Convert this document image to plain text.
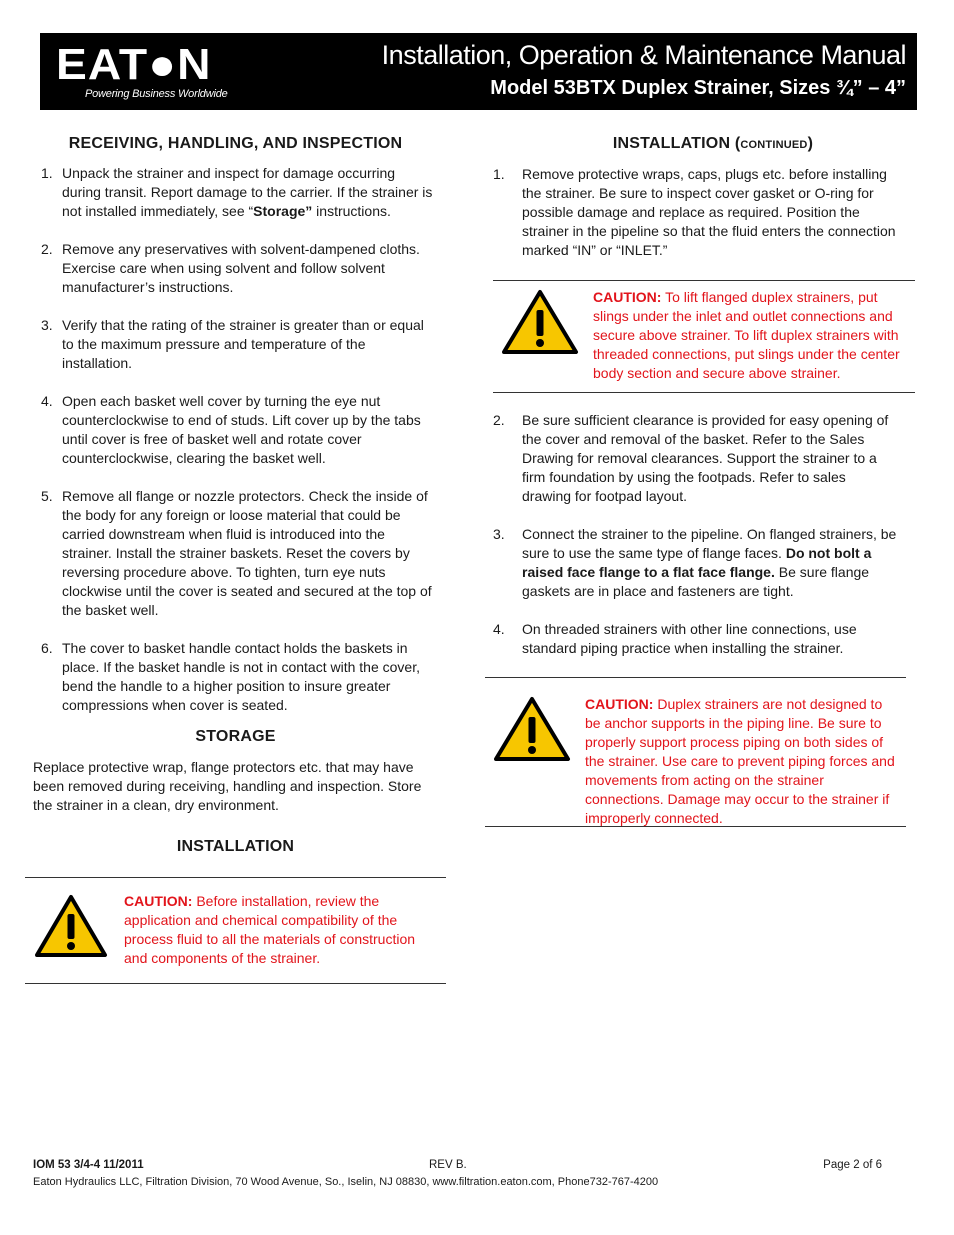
EAT●N
Powering Business Worldwide
Installation, Operation & Maintenance Manual
Model 53BTX Duplex Strainer, Sizes ¾” – 4”
RECEIVING, HANDLING, AND INSPECTION
1. Unpack the strainer and inspect for damage occurring during transit. Report damage to the carrier. If the strainer is not installed immediately, see “Storage” instructions.
2. Remove any preservatives with solvent-dampened cloths. Exercise care when using solvent and follow solvent manufacturer’s instructions.
3. Verify that the rating of the strainer is greater than or equal to the maximum pressure and temperature of the installation.
4. Open each basket well cover by turning the eye nut counterclockwise to end of studs. Lift cover up by the tabs until cover is free of basket well and rotate cover counterclockwise, clearing the basket well.
5. Remove all flange or nozzle protectors. Check the inside of the body for any foreign or loose material that could be carried downstream when fluid is introduced into the strainer. Install the strainer baskets. Reset the covers by reversing procedure above. To tighten, turn eye nuts clockwise until the cover is seated and secured at the top of the basket well.
6. The cover to basket handle contact holds the baskets in place. If the basket handle is not in contact with the cover, bend the handle to a higher position to insure greater compressions when cover is seated.
STORAGE

Replace protective wrap, flange protectors etc. that may have been removed during receiving, handling and inspection. Store the strainer in a clean, dry environment.

INSTALLATION

CAUTION: Before installation, review the application and chemical compatibility of the process fluid to all the materials of construction and components of the strainer.

INSTALLATION (CONTINUED)
1. Remove protective wraps, caps, plugs etc. before installing the strainer. Be sure to inspect cover gasket or O-ring for possible damage and replace as required. Position the strainer in the pipeline so that the fluid enters the connection marked “IN” or “INLET.”

CAUTION: To lift flanged duplex strainers, put slings under the inlet and outlet connections and secure above strainer. To lift duplex strainers with threaded connections, put slings under the center body section and secure above strainer.

2. Be sure sufficient clearance is provided for easy opening of the cover and removal of the basket. Refer to the Sales Drawing for removal clearances. Support the strainer to a firm foundation by using the footpads. Refer to sales drawing for footpad layout.
3. Connect the strainer to the pipeline. On flanged strainers, be sure to use the same type of flange faces. Do not bolt a raised face flange to a flat face flange. Be sure flange gaskets are in place and fasteners are tight.
4. On threaded strainers with other line connections, use standard piping practice when installing the strainer.

CAUTION: Duplex strainers are not designed to be anchor supports in the piping line. Be sure to properly support process piping on both sides of the strainer. Use care to prevent piping forces and movements from acting on the strainer connections. Damage may occur to the strainer if improperly connected.

IOM 53 3/4-4 11/2011	REV B.	Page 2 of 6
Eaton Hydraulics LLC, Filtration Division, 70 Wood Avenue, So., Iselin, NJ 08830, www.filtration.eaton.com, Phone732-767-4200
